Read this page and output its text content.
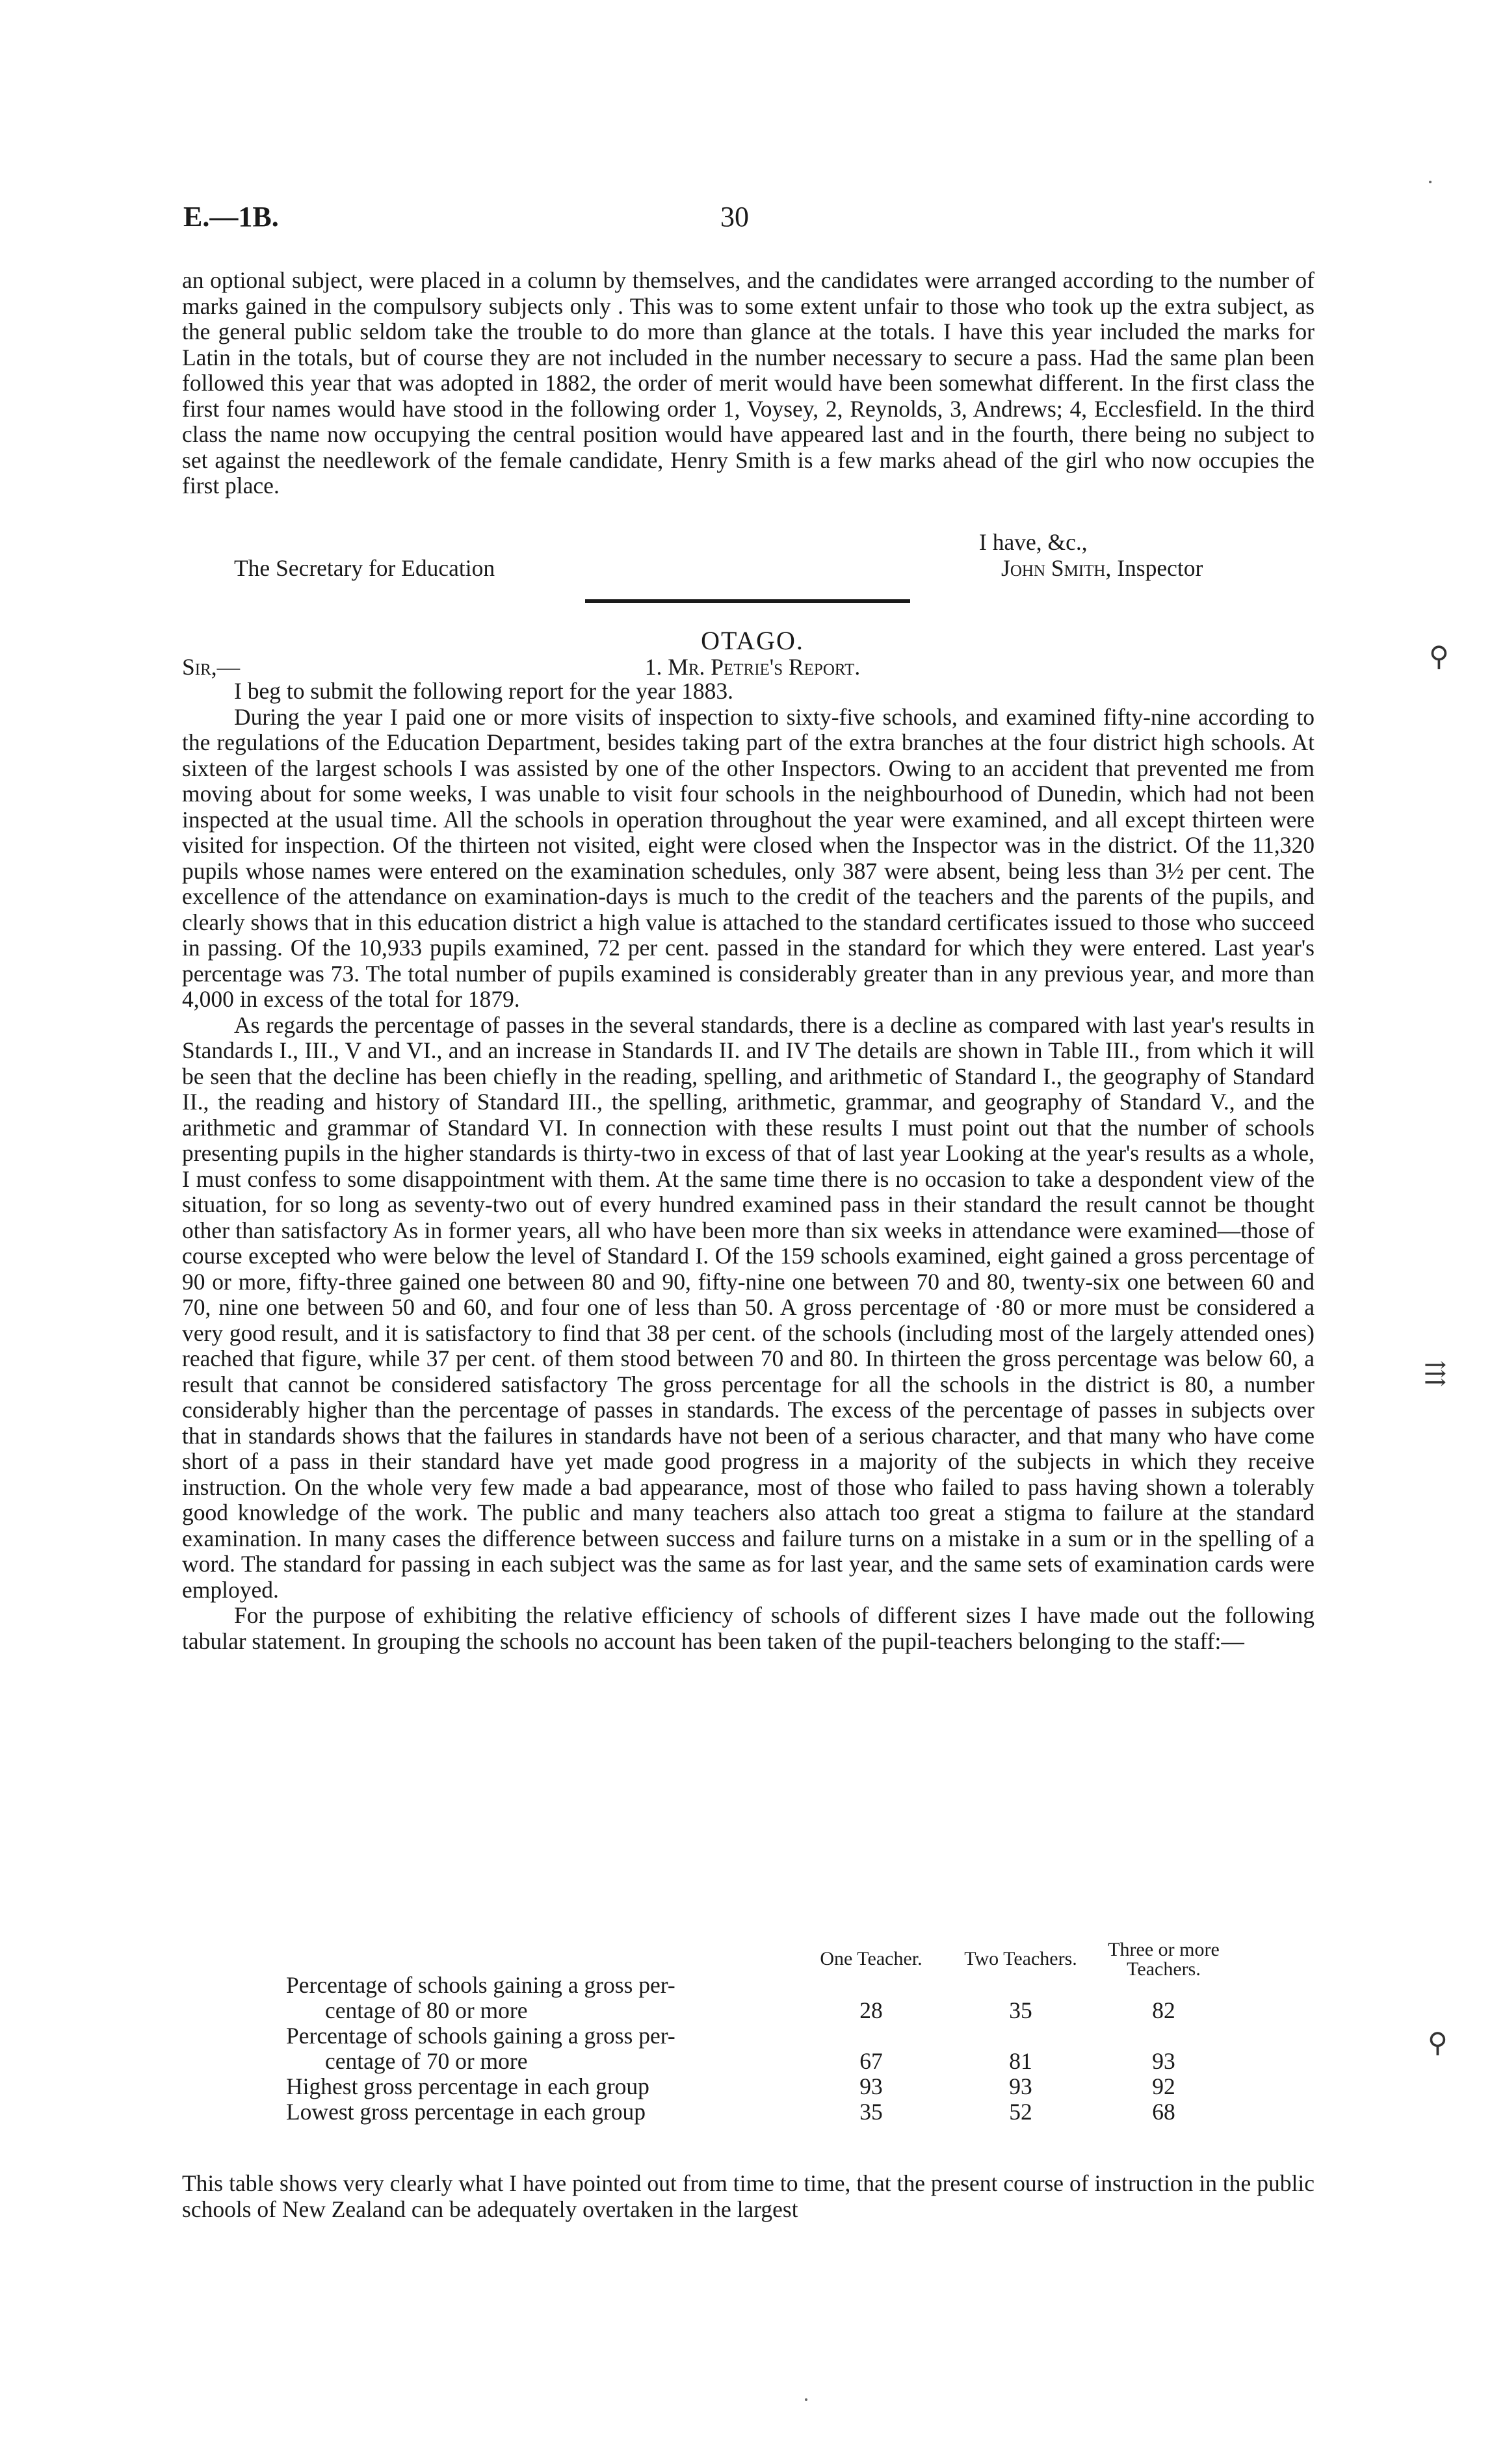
E.—1B.	30

an optional subject, were placed in a column by themselves, and the candidates were arranged according to the number of marks gained in the compulsory subjects only . This was to some extent unfair to those who took up the extra subject, as the general public seldom take the trouble to do more than glance at the totals. I have this year included the marks for Latin in the totals, but of course they are not included in the number necessary to secure a pass. Had the same plan been followed this year that was adopted in 1882, the order of merit would have been somewhat different. In the first class the first four names would have stood in the following order 1, Voysey, 2, Reynolds, 3, Andrews; 4, Ecclesfield. In the third class the name now occupying the central position would have appeared last and in the fourth, there being no subject to set against the needlework of the female candidate, Henry Smith is a few marks ahead of the girl who now occupies the first place.

I have, &c.,
The Secretary for Education	John Smith, Inspector
OTAGO.
Sir,—	1. Mr. Petrie's Report.

I beg to submit the following report for the year 1883.

During the year I paid one or more visits of inspection to sixty-five schools, and examined fifty-nine according to the regulations of the Education Department, besides taking part of the extra branches at the four district high schools. At sixteen of the largest schools I was assisted by one of the other Inspectors. Owing to an accident that prevented me from moving about for some weeks, I was unable to visit four schools in the neighbourhood of Dunedin, which had not been inspected at the usual time. All the schools in operation throughout the year were examined, and all except thirteen were visited for inspection. Of the thirteen not visited, eight were closed when the Inspector was in the district. Of the 11,320 pupils whose names were entered on the examination schedules, only 387 were absent, being less than 3½ per cent. The excellence of the attendance on examination-days is much to the credit of the teachers and the parents of the pupils, and clearly shows that in this education district a high value is attached to the standard certificates issued to those who succeed in passing. Of the 10,933 pupils examined, 72 per cent. passed in the standard for which they were entered. Last year's percentage was 73. The total number of pupils examined is considerably greater than in any previous year, and more than 4,000 in excess of the total for 1879.

As regards the percentage of passes in the several standards, there is a decline as compared with last year's results in Standards I., III., V and VI., and an increase in Standards II. and IV The details are shown in Table III., from which it will be seen that the decline has been chiefly in the reading, spelling, and arithmetic of Standard I., the geography of Standard II., the reading and history of Standard III., the spelling, arithmetic, grammar, and geography of Standard V., and the arithmetic and grammar of Standard VI. In connection with these results I must point out that the number of schools presenting pupils in the higher standards is thirty-two in excess of that of last year Looking at the year's results as a whole, I must confess to some disappointment with them. At the same time there is no occasion to take a despondent view of the situation, for so long as seventy-two out of every hundred examined pass in their standard the result cannot be thought other than satisfactory As in former years, all who have been more than six weeks in attendance were examined—those of course excepted who were below the level of Standard I. Of the 159 schools examined, eight gained a gross percentage of 90 or more, fifty-three gained one between 80 and 90, fifty-nine one between 70 and 80, twenty-six one between 60 and 70, nine one between 50 and 60, and four one of less than 50. A gross percentage of ·80 or more must be considered a very good result, and it is satisfactory to find that 38 per cent. of the schools (including most of the largely attended ones) reached that figure, while 37 per cent. of them stood between 70 and 80. In thirteen the gross percentage was below 60, a result that cannot be considered satisfactory The gross percentage for all the schools in the district is 80, a number considerably higher than the percentage of passes in standards. The excess of the percentage of passes in subjects over that in standards shows that the failures in standards have not been of a serious character, and that many who have come short of a pass in their standard have yet made good progress in a majority of the subjects in which they receive instruction. On the whole very few made a bad appearance, most of those who failed to pass having shown a tolerably good knowledge of the work. The public and many teachers also attach too great a stigma to failure at the standard examination. In many cases the difference between success and failure turns on a mistake in a sum or in the spelling of a word. The standard for passing in each subject was the same as for last year, and the same sets of examination cards were employed.

For the purpose of exhibiting the relative efficiency of schools of different sizes I have made out the following tabular statement. In grouping the schools no account has been taken of the pupil-teachers belonging to the staff:—

One Teacher.	Two Teachers.	Three or more Teachers.
Percentage of schools gaining a gross per-
centage of 80 or more	28	35	82
Percentage of schools gaining a gross per-
centage of 70 or more	67	81	93
Highest gross percentage in each group	93	93	92
Lowest gross percentage in each group	35	52	68

This table shows very clearly what I have pointed out from time to time, that the present course of instruction in the public schools of New Zealand can be adequately overtaken in the largest

⚲
⇶
⚲
